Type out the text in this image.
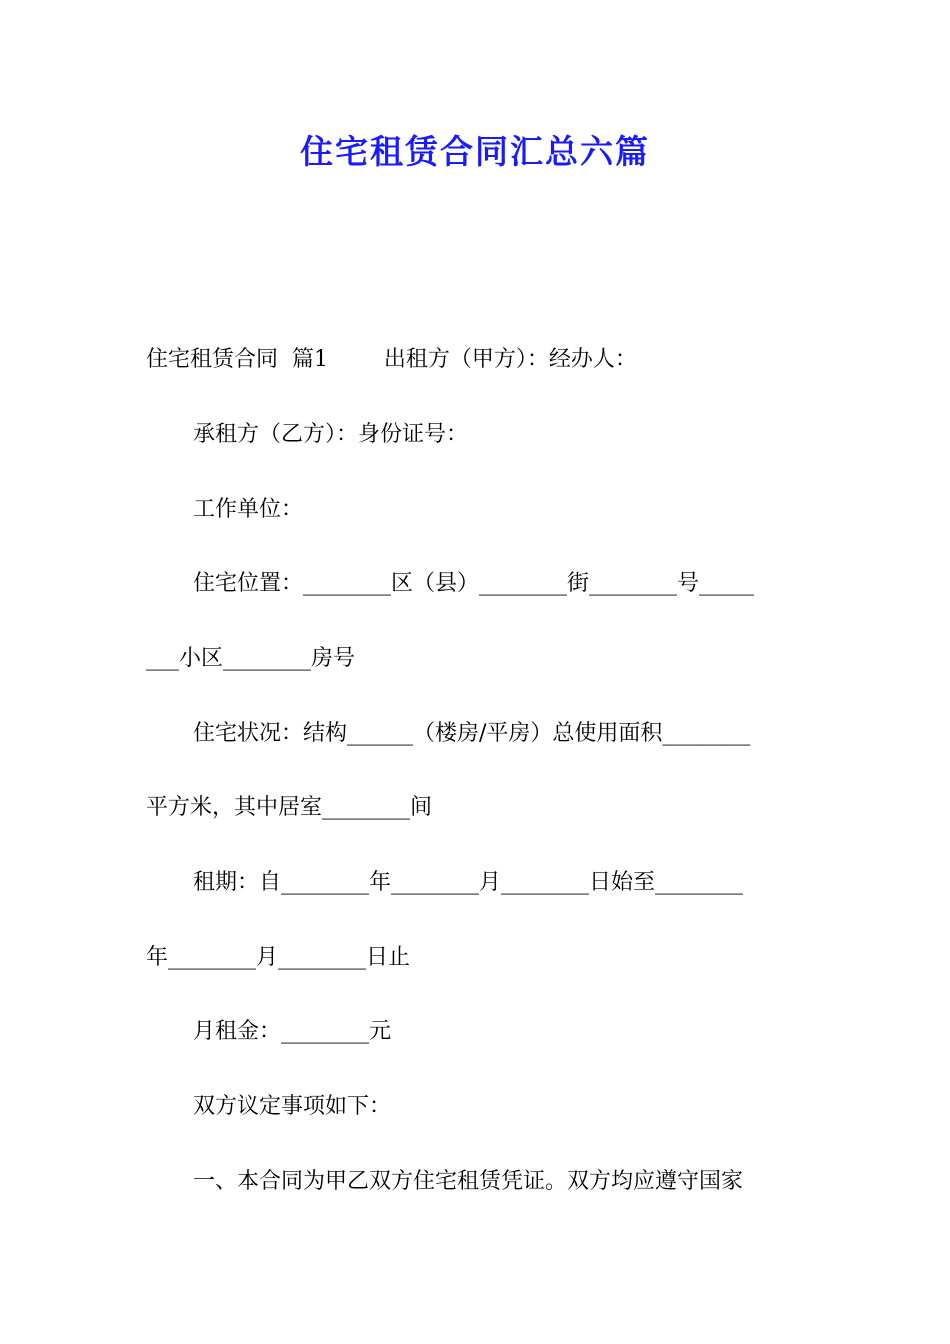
住宅租赁合同汇总六篇

住宅租赁合同  篇1        出租方（甲方）：经办人：

承租方（乙方）：身份证号：

工作单位：

住宅位置：________区（县）________街________号_____

___小区________房号

住宅状况：结构______（楼房/平房）总使用面积________

平方米，其中居室________间

租期：自________年________月________日始至________

年________月________日止

月租金：________元

双方议定事项如下：

一、本合同为甲乙双方住宅租赁凭证。双方均应遵守国家
